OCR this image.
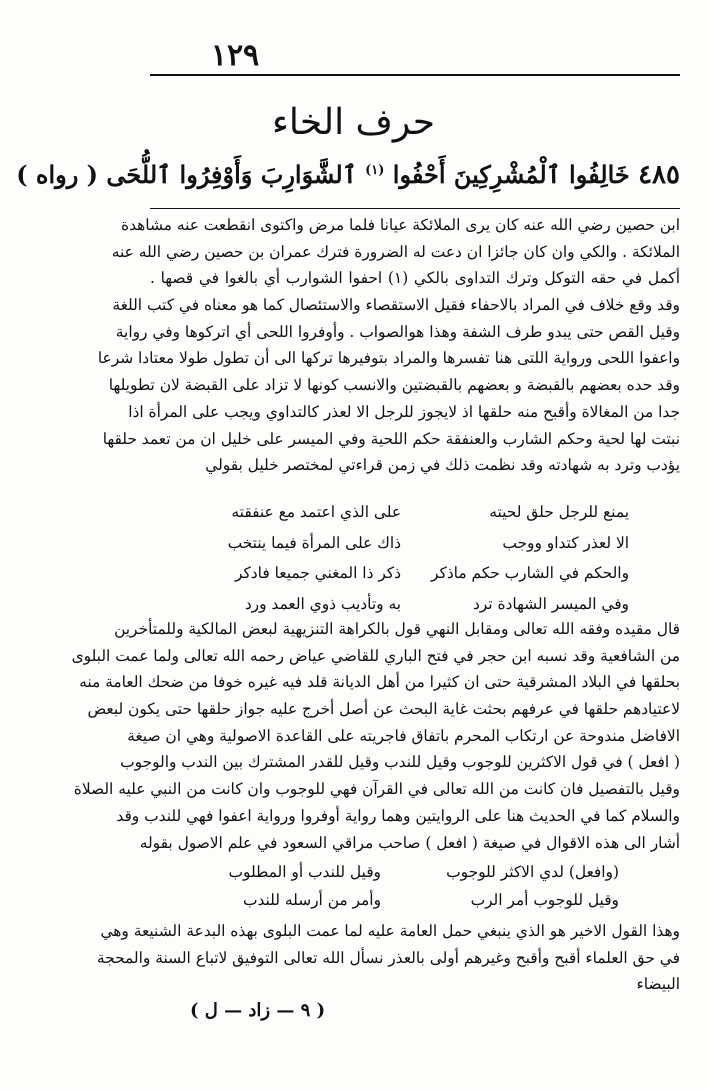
١٢٩
حرف الخاء
٤٨٥ خَالِفُوا ٱلْمُشْرِكِينَ أَحْفُوا $^{(١)}$ ٱلشَّوَارِبَ وَأَوْفِرُوا ٱللُّحَى ( رواه )
ابن حصين رضي الله عنه كان يرى الملائكة عيانا فلما مرض واكتوى انقطعت عنه مشاهدة
الملائكة . والكي وان كان جائزا ان دعت له الضرورة فترك عمران بن حصين رضي الله عنه
أكمل في حقه التوكل وترك التداوى بالكي (١) احفوا الشوارب أي بالغوا في قصها .
وقد وقع خلاف في المراد بالاحفاء فقيل الاستقصاء والاستئصال كما هو معناه في كتب اللغة
وقيل القص حتى يبدو طرف الشفة وهذا هوالصواب . وأوفروا اللحى أي اتركوها وفي رواية
واعفوا اللحى ورواية اللتى هنا تفسرها والمراد بتوفيرها تركها الى أن تطول طولا معتادا شرعا
وقد حده بعضهم بالقبضة و بعضهم بالقبضتين والانسب كونها لا تزاد على القبضة لان تطويلها
جدا من المغالاة وأقبح منه حلقها اذ لايجوز للرجل الا لعذر كالتداوي ويجب على المرأة اذا
نبتت لها لحية وحكم الشارب والعنفقة حكم اللحية وفي الميسر على خليل ان من تعمد حلقها
يؤدب وترد به شهادته وقد نظمت ذلك في زمن قراءتي لمختصر خليل بقولي
يمنع للرجل حلق لحيته
على الذي اعتمد مع عنفقته
الا لعذر كتداو ووجب
ذاك على المرأة فيما ينتخب
والحكم في الشارب حكم ماذكر
ذكر ذا المغني جميعا فادكر
وفي الميسر الشهادة ترد
به وتأديب ذوي العمد ورد
قال مقيده وفقه الله تعالى ومقابل النهي قول بالكراهة التنزيهية لبعض المالكية وللمتأخرين
من الشافعية وقد نسبه ابن حجر في فتح الباري للقاضي عياض رحمه الله تعالى ولما عمت البلوى
بحلقها في البلاد المشرقية حتى ان كثيرا من أهل الديانة قلد فيه غيره خوفا من ضحك العامة منه
لاعتيادهم حلقها في عرفهم بحثت غاية البحث عن أصل أخرج عليه جواز حلقها حتى يكون لبعض
الافاضل مندوحة عن ارتكاب المحرم باتفاق فاجريته على القاعدة الاصولية وهي ان صيغة
( افعل ) في قول الاكثرين للوجوب وقيل للندب وقيل للقدر المشترك بين الندب والوجوب
وقيل بالتفصيل فان كانت من الله تعالى في القرآن فهي للوجوب وان كانت من النبي عليه الصلاة
والسلام كما في الحديث هنا على الروايتين وهما رواية أوفروا ورواية اعفوا فهي للندب وقد
أشار الى هذه الاقوال في صيغة ( افعل ) صاحب مراقي السعود في علم الاصول بقوله
(وافعل) لدي الاكثر للوجوب
وقيل للندب أو المطلوب
وقيل للوجوب أمر الرب
وأمر من أرسله للندب
وهذا القول الاخير هو الذي ينبغي حمل العامة عليه لما عمت البلوى بهذه البدعة الشنيعة وهي
في حق العلماء أقبح وأقبح وغيرهم أولى بالعذر نسأل الله تعالى التوفيق لاتباع السنة والمحجة
البيضاء
( ٩ — زاد — ل )
